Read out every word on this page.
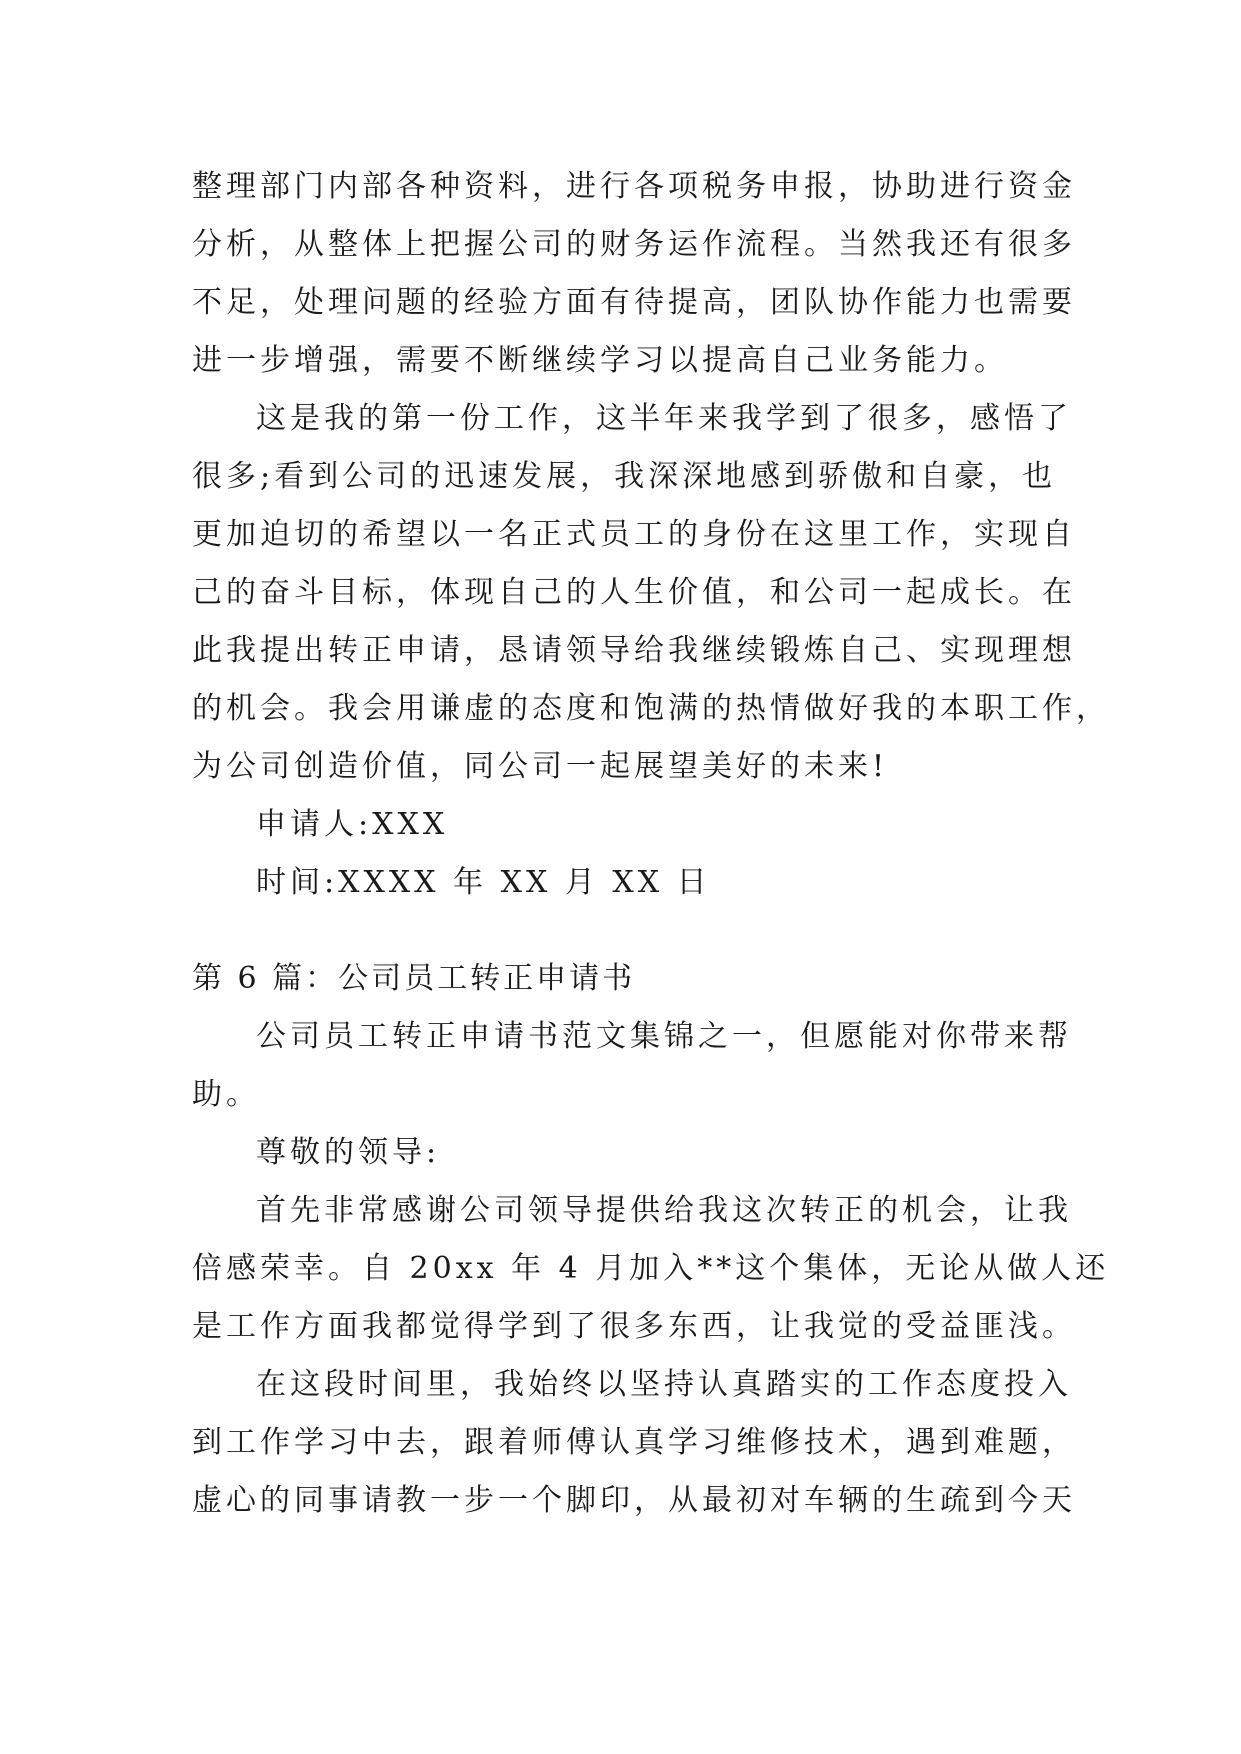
整理部门内部各种资料，进行各项税务申报，协助进行资金
分析，从整体上把握公司的财务运作流程。当然我还有很多
不足，处理问题的经验方面有待提高，团队协作能力也需要
进一步增强，需要不断继续学习以提高自己业务能力。
这是我的第一份工作，这半年来我学到了很多，感悟了
很多;看到公司的迅速发展，我深深地感到骄傲和自豪，也
更加迫切的希望以一名正式员工的身份在这里工作，实现自
己的奋斗目标，体现自己的人生价值，和公司一起成长。在
此我提出转正申请，恳请领导给我继续锻炼自己、实现理想
的机会。我会用谦虚的态度和饱满的热情做好我的本职工作，
为公司创造价值，同公司一起展望美好的未来!
申请人:XXX
时间:XXXX 年 XX 月 XX 日
第 6 篇：公司员工转正申请书
公司员工转正申请书范文集锦之一，但愿能对你带来帮
助。
尊敬的领导:
首先非常感谢公司领导提供给我这次转正的机会，让我
倍感荣幸。自 20xx 年 4 月加入**这个集体，无论从做人还
是工作方面我都觉得学到了很多东西，让我觉的受益匪浅。
在这段时间里，我始终以坚持认真踏实的工作态度投入
到工作学习中去，跟着师傅认真学习维修技术，遇到难题，
虚心的同事请教一步一个脚印，从最初对车辆的生疏到今天
